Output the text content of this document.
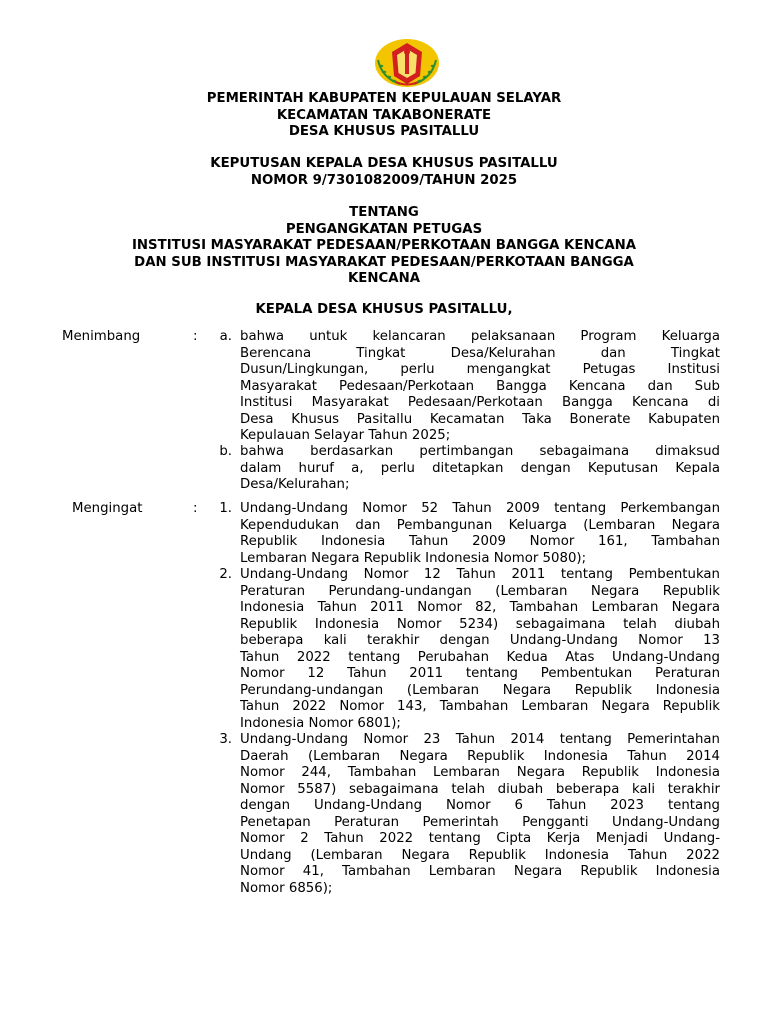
PEMERINTAH KABUPATEN KEPULAUAN SELAYAR
KECAMATAN TAKABONERATE
DESA KHUSUS PASITALLU
KEPUTUSAN KEPALA DESA KHUSUS PASITALLU
NOMOR 9/7301082009/TAHUN 2025
TENTANG
PENGANGKATAN PETUGAS
INSTITUSI MASYARAKAT PEDESAAN/PERKOTAAN BANGGA KENCANA
DAN SUB INSTITUSI MASYARAKAT PEDESAAN/PERKOTAAN BANGGA
KENCANA
KEPALA DESA KHUSUS PASITALLU,
Menimbang	:	a. bahwa untuk kelancaran pelaksanaan Program Keluarga
Berencana Tingkat Desa/Kelurahan dan Tingkat
Dusun/Lingkungan, perlu mengangkat Petugas Institusi
Masyarakat Pedesaan/Perkotaan Bangga Kencana dan Sub
Institusi Masyarakat Pedesaan/Perkotaan Bangga Kencana di
Desa Khusus Pasitallu Kecamatan Taka Bonerate Kabupaten
Kepulauan Selayar Tahun 2025;
b. bahwa berdasarkan pertimbangan sebagaimana dimaksud
dalam huruf a, perlu ditetapkan dengan Keputusan Kepala
Desa/Kelurahan;
Mengingat	:	1. Undang-Undang Nomor 52 Tahun 2009 tentang Perkembangan
Kependudukan dan Pembangunan Keluarga (Lembaran Negara
Republik Indonesia Tahun 2009 Nomor 161, Tambahan
Lembaran Negara Republik Indonesia Nomor 5080);
2. Undang-Undang Nomor 12 Tahun 2011 tentang Pembentukan
Peraturan Perundang-undangan (Lembaran Negara Republik
Indonesia Tahun 2011 Nomor 82, Tambahan Lembaran Negara
Republik Indonesia Nomor 5234) sebagaimana telah diubah
beberapa kali terakhir dengan Undang-Undang Nomor 13
Tahun 2022 tentang Perubahan Kedua Atas Undang-Undang
Nomor 12 Tahun 2011 tentang Pembentukan Peraturan
Perundang-undangan (Lembaran Negara Republik Indonesia
Tahun 2022 Nomor 143, Tambahan Lembaran Negara Republik
Indonesia Nomor 6801);
3. Undang-Undang Nomor 23 Tahun 2014 tentang Pemerintahan
Daerah (Lembaran Negara Republik Indonesia Tahun 2014
Nomor 244, Tambahan Lembaran Negara Republik Indonesia
Nomor 5587) sebagaimana telah diubah beberapa kali terakhir
dengan Undang-Undang Nomor 6 Tahun 2023 tentang
Penetapan Peraturan Pemerintah Pengganti Undang-Undang
Nomor 2 Tahun 2022 tentang Cipta Kerja Menjadi Undang-
Undang (Lembaran Negara Republik Indonesia Tahun 2022
Nomor 41, Tambahan Lembaran Negara Republik Indonesia
Nomor 6856);
